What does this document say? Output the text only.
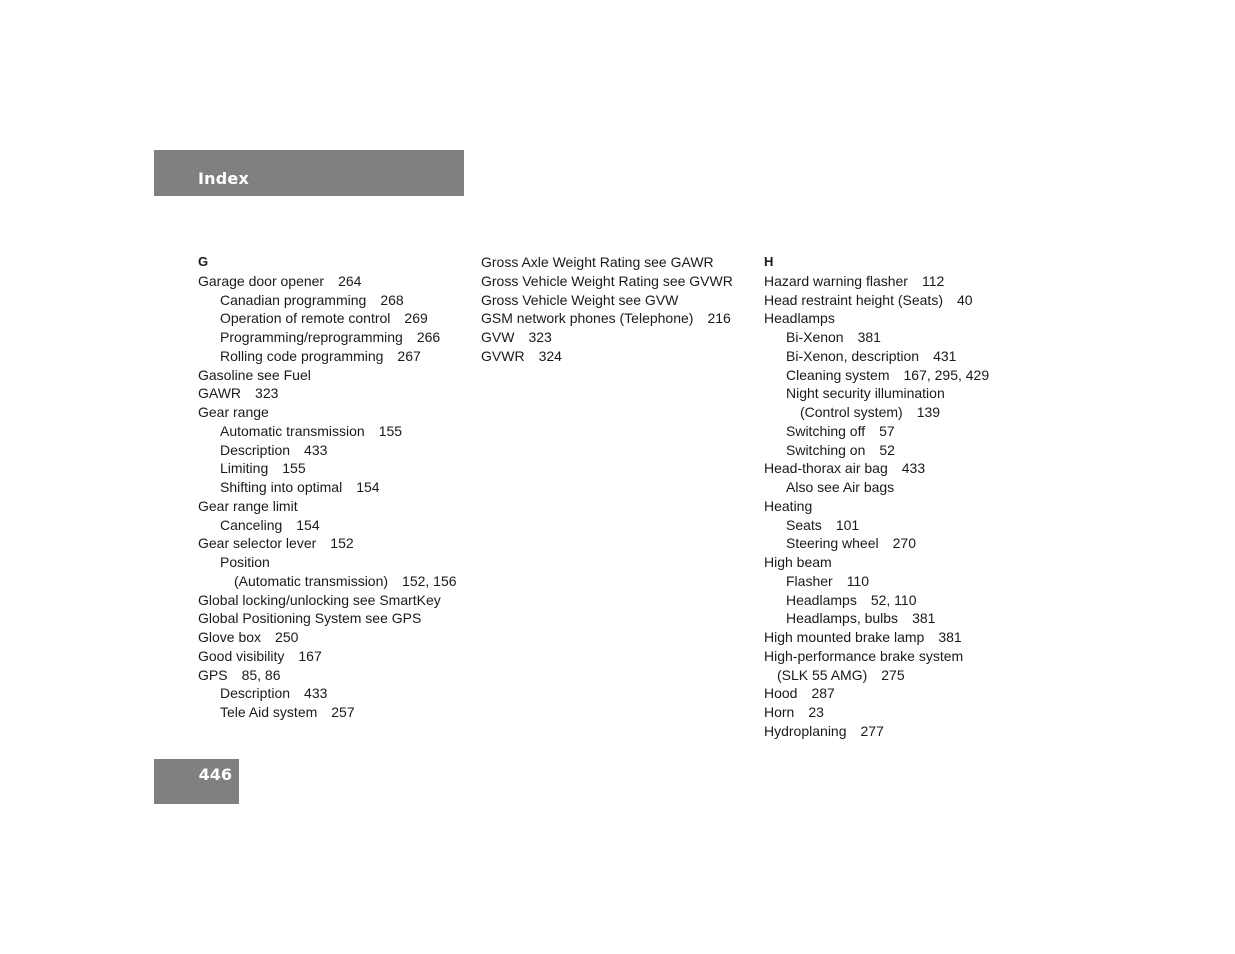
Index
G
Garage door opener 264
Canadian programming 268
Operation of remote control 269
Programming/reprogramming 266
Rolling code programming 267
Gasoline see Fuel
GAWR 323
Gear range
Automatic transmission 155
Description 433
Limiting 155
Shifting into optimal 154
Gear range limit
Canceling 154
Gear selector lever 152
Position
(Automatic transmission) 152, 156
Global locking/unlocking see SmartKey
Global Positioning System see GPS
Glove box 250
Good visibility 167
GPS 85, 86
Description 433
Tele Aid system 257
Gross Axle Weight Rating see GAWR
Gross Vehicle Weight Rating see GVWR
Gross Vehicle Weight see GVW
GSM network phones (Telephone) 216
GVW 323
GVWR 324
H
Hazard warning flasher 112
Head restraint height (Seats) 40
Headlamps
Bi-Xenon 381
Bi-Xenon, description 431
Cleaning system 167, 295, 429
Night security illumination
(Control system) 139
Switching off 57
Switching on 52
Head-thorax air bag 433
Also see Air bags
Heating
Seats 101
Steering wheel 270
High beam
Flasher 110
Headlamps 52, 110
Headlamps, bulbs 381
High mounted brake lamp 381
High-performance brake system
(SLK 55 AMG) 275
Hood 287
Horn 23
Hydroplaning 277
446
